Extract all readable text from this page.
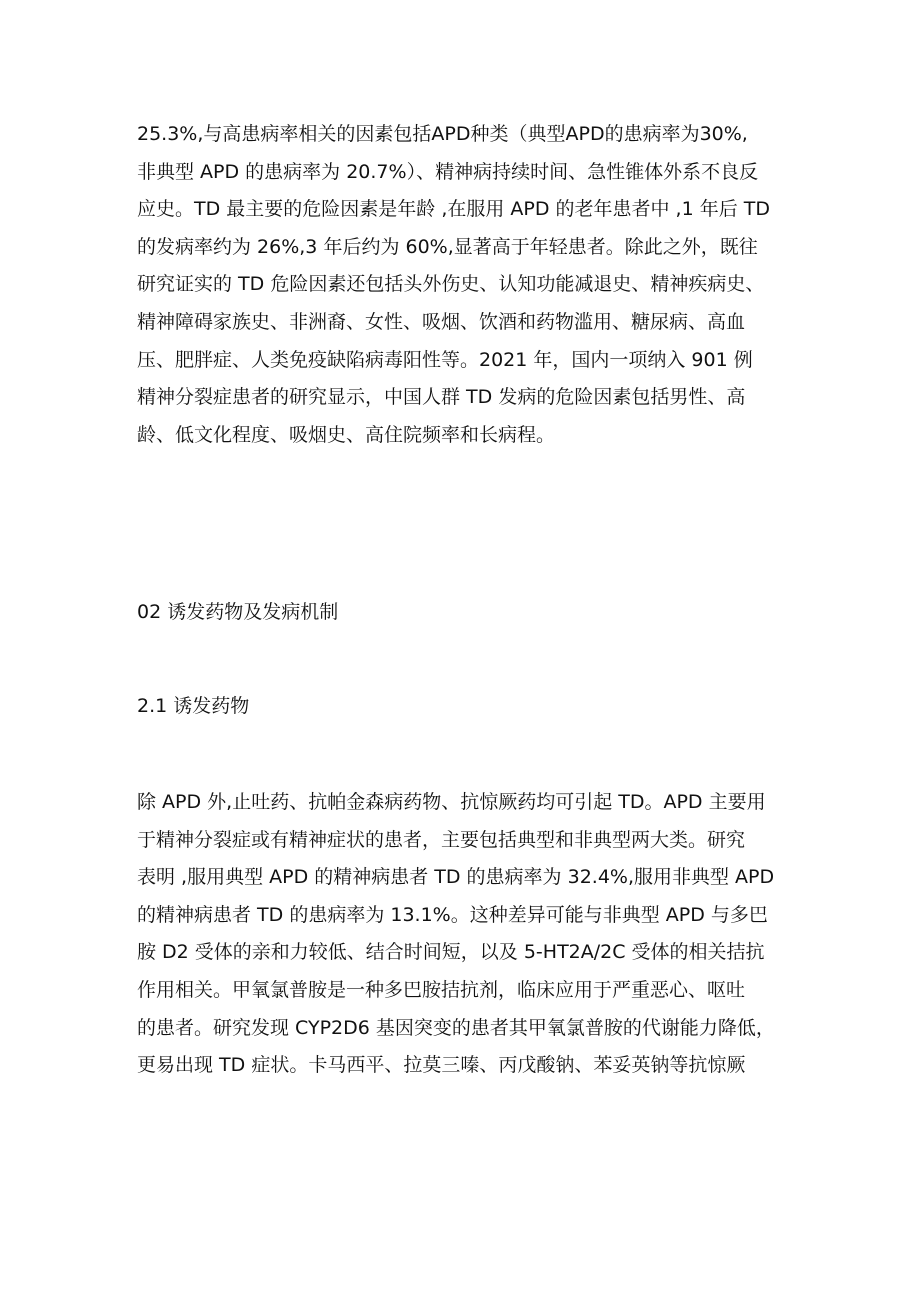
25.3%,与高患病率相关的因素包括APD种类（典型APD的患病率为30%,
非典型 APD 的患病率为 20.7%）、精神病持续时间、急性锥体外系不良反
应史。TD 最主要的危险因素是年龄 ,在服用 APD 的老年患者中 ,1 年后 TD
的发病率约为 26%,3 年后约为 60%,显著高于年轻患者。除此之外，既往
研究证实的 TD 危险因素还包括头外伤史、认知功能减退史、精神疾病史、
精神障碍家族史、非洲裔、女性、吸烟、饮酒和药物滥用、糖尿病、高血
压、肥胖症、人类免疫缺陷病毒阳性等。2021 年，国内一项纳入 901 例
精神分裂症患者的研究显示，中国人群 TD 发病的危险因素包括男性、高
龄、低文化程度、吸烟史、高住院频率和长病程。
02 诱发药物及发病机制
2.1 诱发药物
除 APD 外,止吐药、抗帕金森病药物、抗惊厥药均可引起 TD。APD 主要用
于精神分裂症或有精神症状的患者，主要包括典型和非典型两大类。研究
表明 ,服用典型 APD 的精神病患者 TD 的患病率为 32.4%,服用非典型 APD
的精神病患者 TD 的患病率为 13.1%。这种差异可能与非典型 APD 与多巴
胺 D2 受体的亲和力较低、结合时间短，以及 5-HT2A/2C 受体的相关拮抗
作用相关。甲氧氯普胺是一种多巴胺拮抗剂，临床应用于严重恶心、呕吐
的患者。研究发现 CYP2D6 基因突变的患者其甲氧氯普胺的代谢能力降低，
更易出现 TD 症状。卡马西平、拉莫三嗪、丙戊酸钠、苯妥英钠等抗惊厥
